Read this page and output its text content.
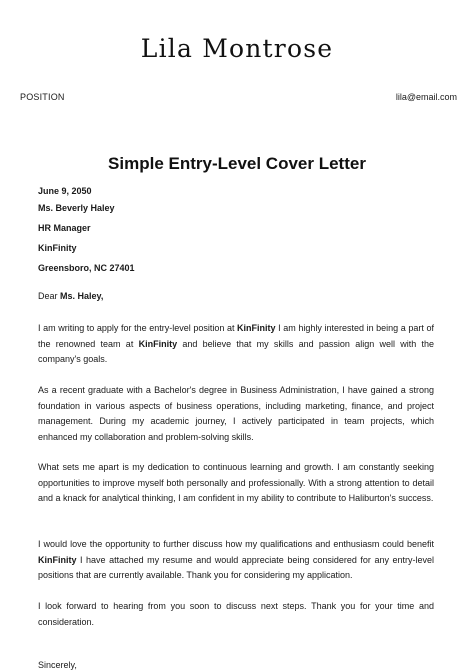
Lila Montrose
POSITION	lila@email.com
Simple Entry-Level Cover Letter
June 9, 2050
Ms. Beverly Haley
HR Manager
KinFinity
Greensboro, NC 27401
Dear Ms. Haley,
I am writing to apply for the entry-level position at KinFinity I am highly interested in being a part of the renowned team at KinFinity and believe that my skills and passion align well with the company's goals.
As a recent graduate with a Bachelor's degree in Business Administration, I have gained a strong foundation in various aspects of business operations, including marketing, finance, and project management. During my academic journey, I actively participated in team projects, which enhanced my collaboration and problem-solving skills.
What sets me apart is my dedication to continuous learning and growth. I am constantly seeking opportunities to improve myself both personally and professionally. With a strong attention to detail and a knack for analytical thinking, I am confident in my ability to contribute to Haliburton's success.
I would love the opportunity to further discuss how my qualifications and enthusiasm could benefit KinFinity I have attached my resume and would appreciate being considered for any entry-level positions that are currently available. Thank you for considering my application.
I look forward to hearing from you soon to discuss next steps. Thank you for your time and consideration.
Sincerely,
